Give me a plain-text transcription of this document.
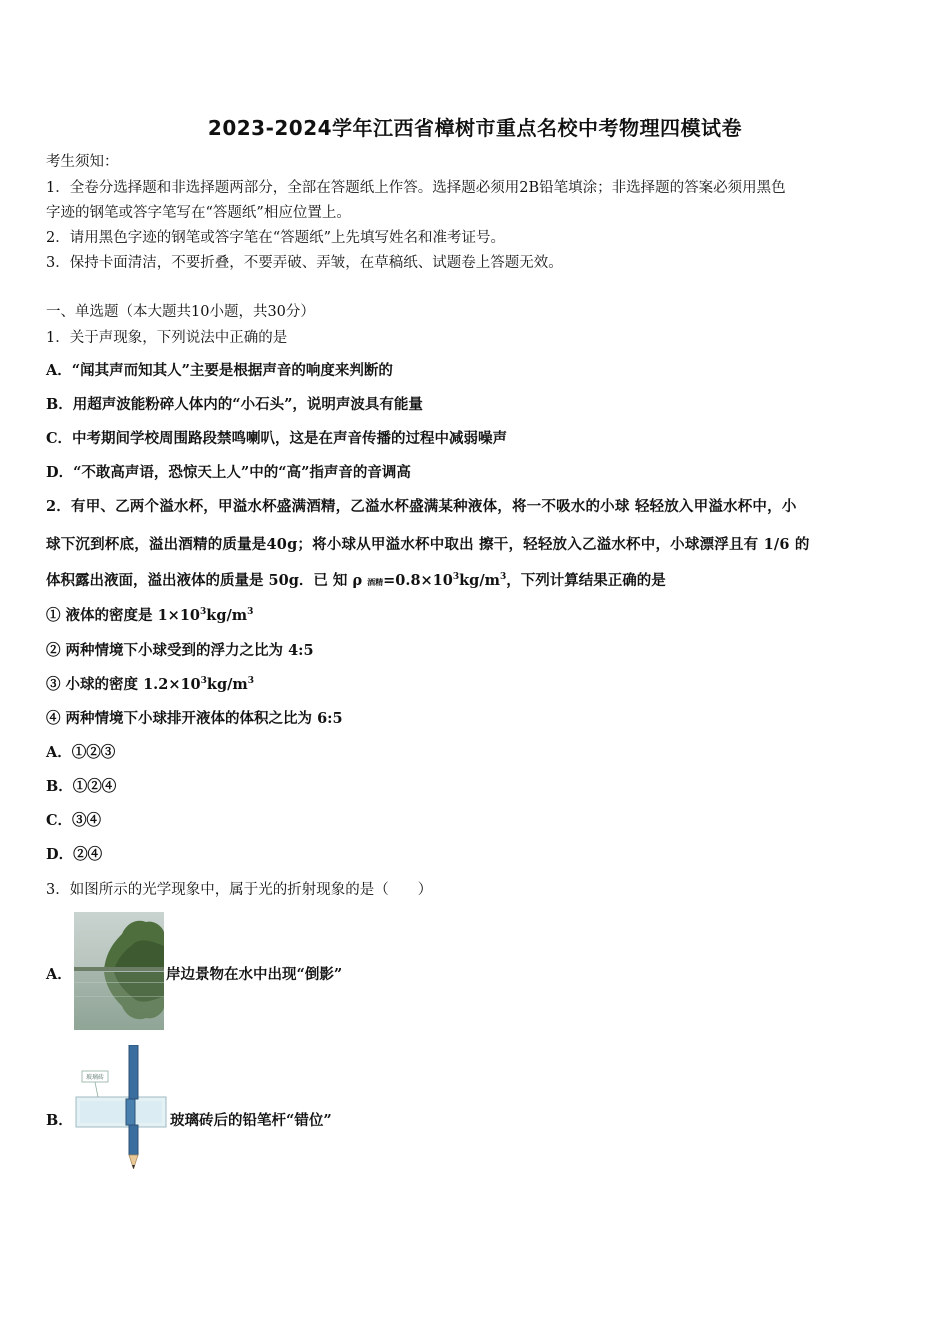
2023-2024学年江西省樟树市重点名校中考物理四模试卷
考生须知：
1．全卷分选择题和非选择题两部分，全部在答题纸上作答。选择题必须用2B铅笔填涂；非选择题的答案必须用黑色
字迹的钢笔或答字笔写在“答题纸”相应位置上。
2．请用黑色字迹的钢笔或答字笔在“答题纸”上先填写姓名和准考证号。
3．保持卡面清洁，不要折叠，不要弄破、弄皱，在草稿纸、试题卷上答题无效。
一、单选题（本大题共10小题，共30分）
1．关于声现象，下列说法中正确的是
A．“闻其声而知其人”主要是根据声音的响度来判断的
B．用超声波能粉碎人体内的“小石头”，说明声波具有能量
C．中考期间学校周围路段禁鸣喇叭，这是在声音传播的过程中减弱噪声
D．“不敢高声语，恐惊天上人”中的“高”指声音的音调高
2．有甲、乙两个溢水杯，甲溢水杯盛满酒精，乙溢水杯盛满某种液体，将一不吸水的小球 轻轻放入甲溢水杯中，小
球下沉到杯底，溢出酒精的质量是40g；将小球从甲溢水杯中取出 擦干，轻轻放入乙溢水杯中，小球漂浮且有 1/6 的
体积露出液面，溢出液体的质量是 50g．已 知 ρ 酒精$=0.8\times 10^3kg/m^3$，下列计算结果正确的是
① 液体的密度是 $1\times 10^3kg/m^3$
② 两种情境下小球受到的浮力之比为 4:5
③ 小球的密度 $1.2\times 10^3kg/m^3$
④ 两种情境下小球排开液体的体积之比为 6:5
A．①②③
B．①②④
C．③④
D．②④
3．如图所示的光学现象中，属于光的折射现象的是（　　）
A．	岸边景物在水中出现“倒影”
B．
玻璃砖
玻璃砖后的铅笔杆“错位”
